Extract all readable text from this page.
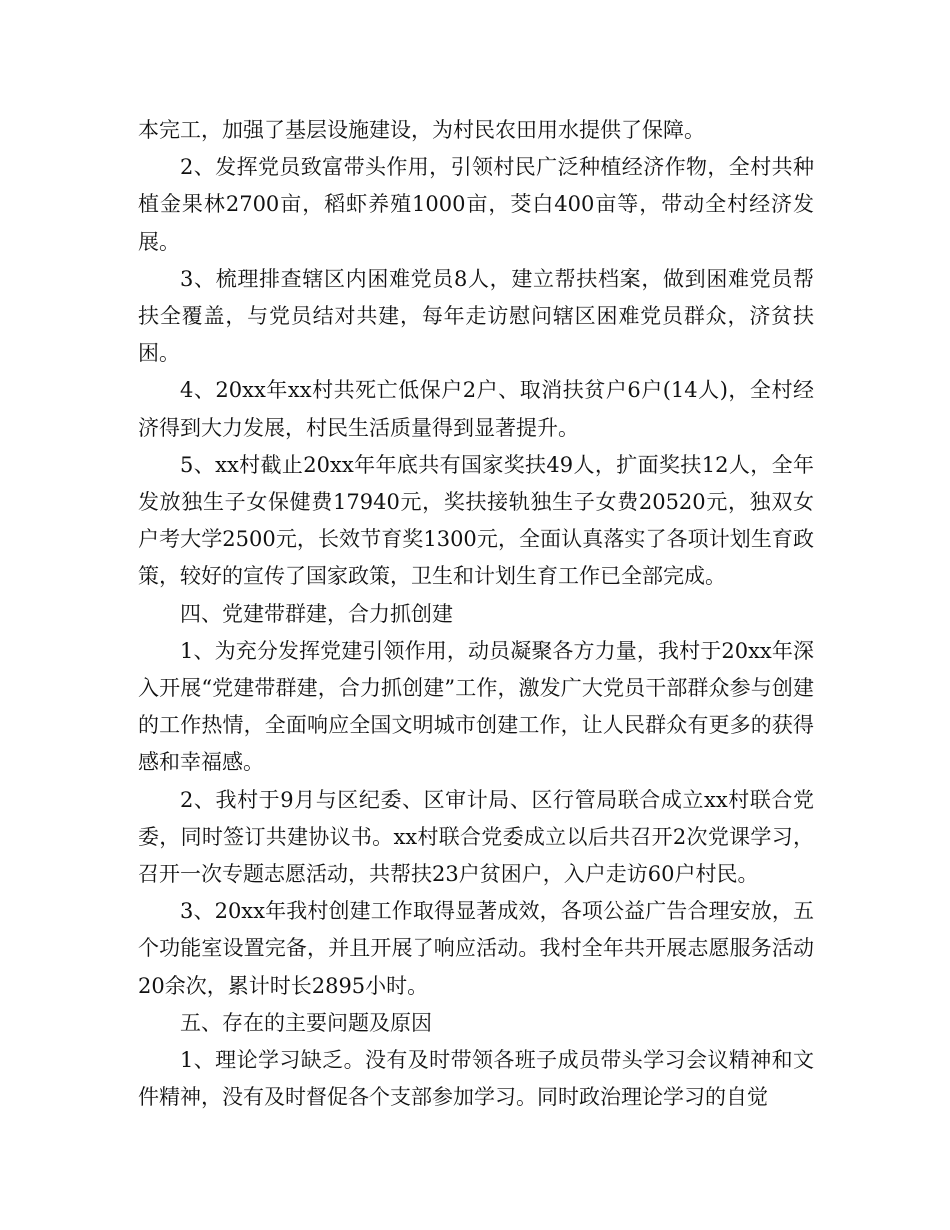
本完工，加强了基层设施建设，为村民农田用水提供了保障。

2、发挥党员致富带头作用，引领村民广泛种植经济作物，全村共种植金果林2700亩，稻虾养殖1000亩，茭白400亩等，带动全村经济发展。

3、梳理排查辖区内困难党员8人，建立帮扶档案，做到困难党员帮扶全覆盖，与党员结对共建，每年走访慰问辖区困难党员群众，济贫扶困。

4、20xx年xx村共死亡低保户2户、取消扶贫户6户(14人)，全村经济得到大力发展，村民生活质量得到显著提升。

5、xx村截止20xx年年底共有国家奖扶49人，扩面奖扶12人，全年发放独生子女保健费17940元，奖扶接轨独生子女费20520元，独双女户考大学2500元，长效节育奖1300元，全面认真落实了各项计划生育政策，较好的宣传了国家政策，卫生和计划生育工作已全部完成。

四、党建带群建，合力抓创建

1、为充分发挥党建引领作用，动员凝聚各方力量，我村于20xx年深入开展“党建带群建，合力抓创建”工作，激发广大党员干部群众参与创建的工作热情，全面响应全国文明城市创建工作，让人民群众有更多的获得感和幸福感。

2、我村于9月与区纪委、区审计局、区行管局联合成立xx村联合党委，同时签订共建协议书。xx村联合党委成立以后共召开2次党课学习，召开一次专题志愿活动，共帮扶23户贫困户，入户走访60户村民。

3、20xx年我村创建工作取得显著成效，各项公益广告合理安放，五个功能室设置完备，并且开展了响应活动。我村全年共开展志愿服务活动20余次，累计时长2895小时。

五、存在的主要问题及原因

1、理论学习缺乏。没有及时带领各班子成员带头学习会议精神和文件精神，没有及时督促各个支部参加学习。同时政治理论学习的自觉
